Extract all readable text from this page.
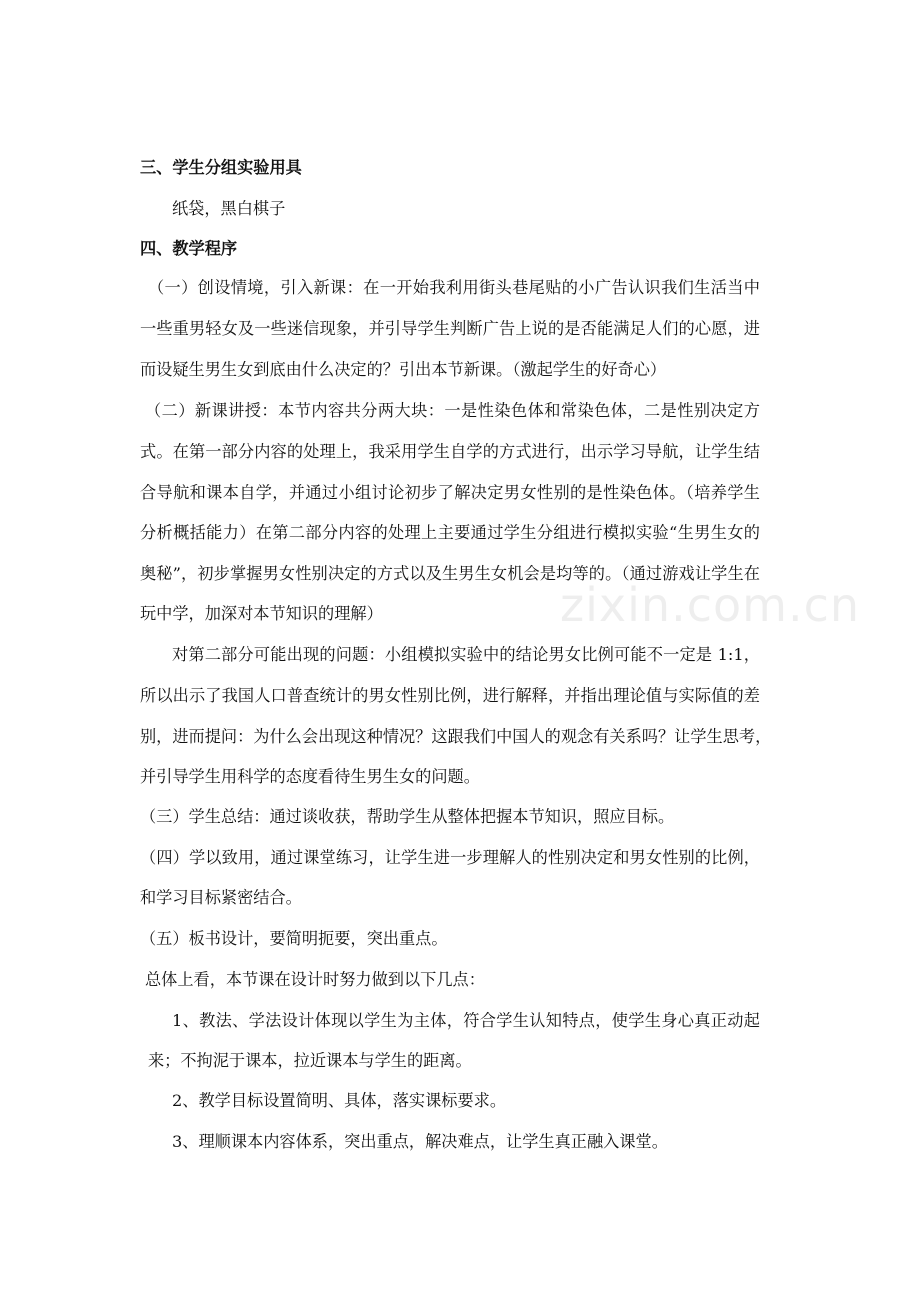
三、学生分组实验用具

纸袋，黑白棋子

四、教学程序

（一）创设情境，引入新课：在一开始我利用街头巷尾贴的小广告认识我们生活当中

一些重男轻女及一些迷信现象，并引导学生判断广告上说的是否能满足人们的心愿，进

而设疑生男生女到底由什么决定的？引出本节新课。（激起学生的好奇心）

（二）新课讲授：本节内容共分两大块：一是性染色体和常染色体，二是性别决定方

式。在第一部分内容的处理上，我采用学生自学的方式进行，出示学习导航，让学生结

合导航和课本自学，并通过小组讨论初步了解决定男女性别的是性染色体。（培养学生

分析概括能力）在第二部分内容的处理上主要通过学生分组进行模拟实验“生男生女的

奥秘”，初步掌握男女性别决定的方式以及生男生女机会是均等的。（通过游戏让学生在

玩中学，加深对本节知识的理解）

对第二部分可能出现的问题：小组模拟实验中的结论男女比例可能不一定是 1:1，

所以出示了我国人口普查统计的男女性别比例，进行解释，并指出理论值与实际值的差

别，进而提问：为什么会出现这种情况？这跟我们中国人的观念有关系吗？让学生思考，

并引导学生用科学的态度看待生男生女的问题。

（三）学生总结：通过谈收获，帮助学生从整体把握本节知识，照应目标。

（四）学以致用，通过课堂练习，让学生进一步理解人的性别决定和男女性别的比例，

和学习目标紧密结合。

（五）板书设计，要简明扼要，突出重点。

总体上看，本节课在设计时努力做到以下几点：

1、教法、学法设计体现以学生为主体，符合学生认知特点，使学生身心真正动起

来；不拘泥于课本，拉近课本与学生的距离。

2、教学目标设置简明、具体，落实课标要求。

3、理顺课本内容体系，突出重点，解决难点，让学生真正融入课堂。

zixin.com.cn
